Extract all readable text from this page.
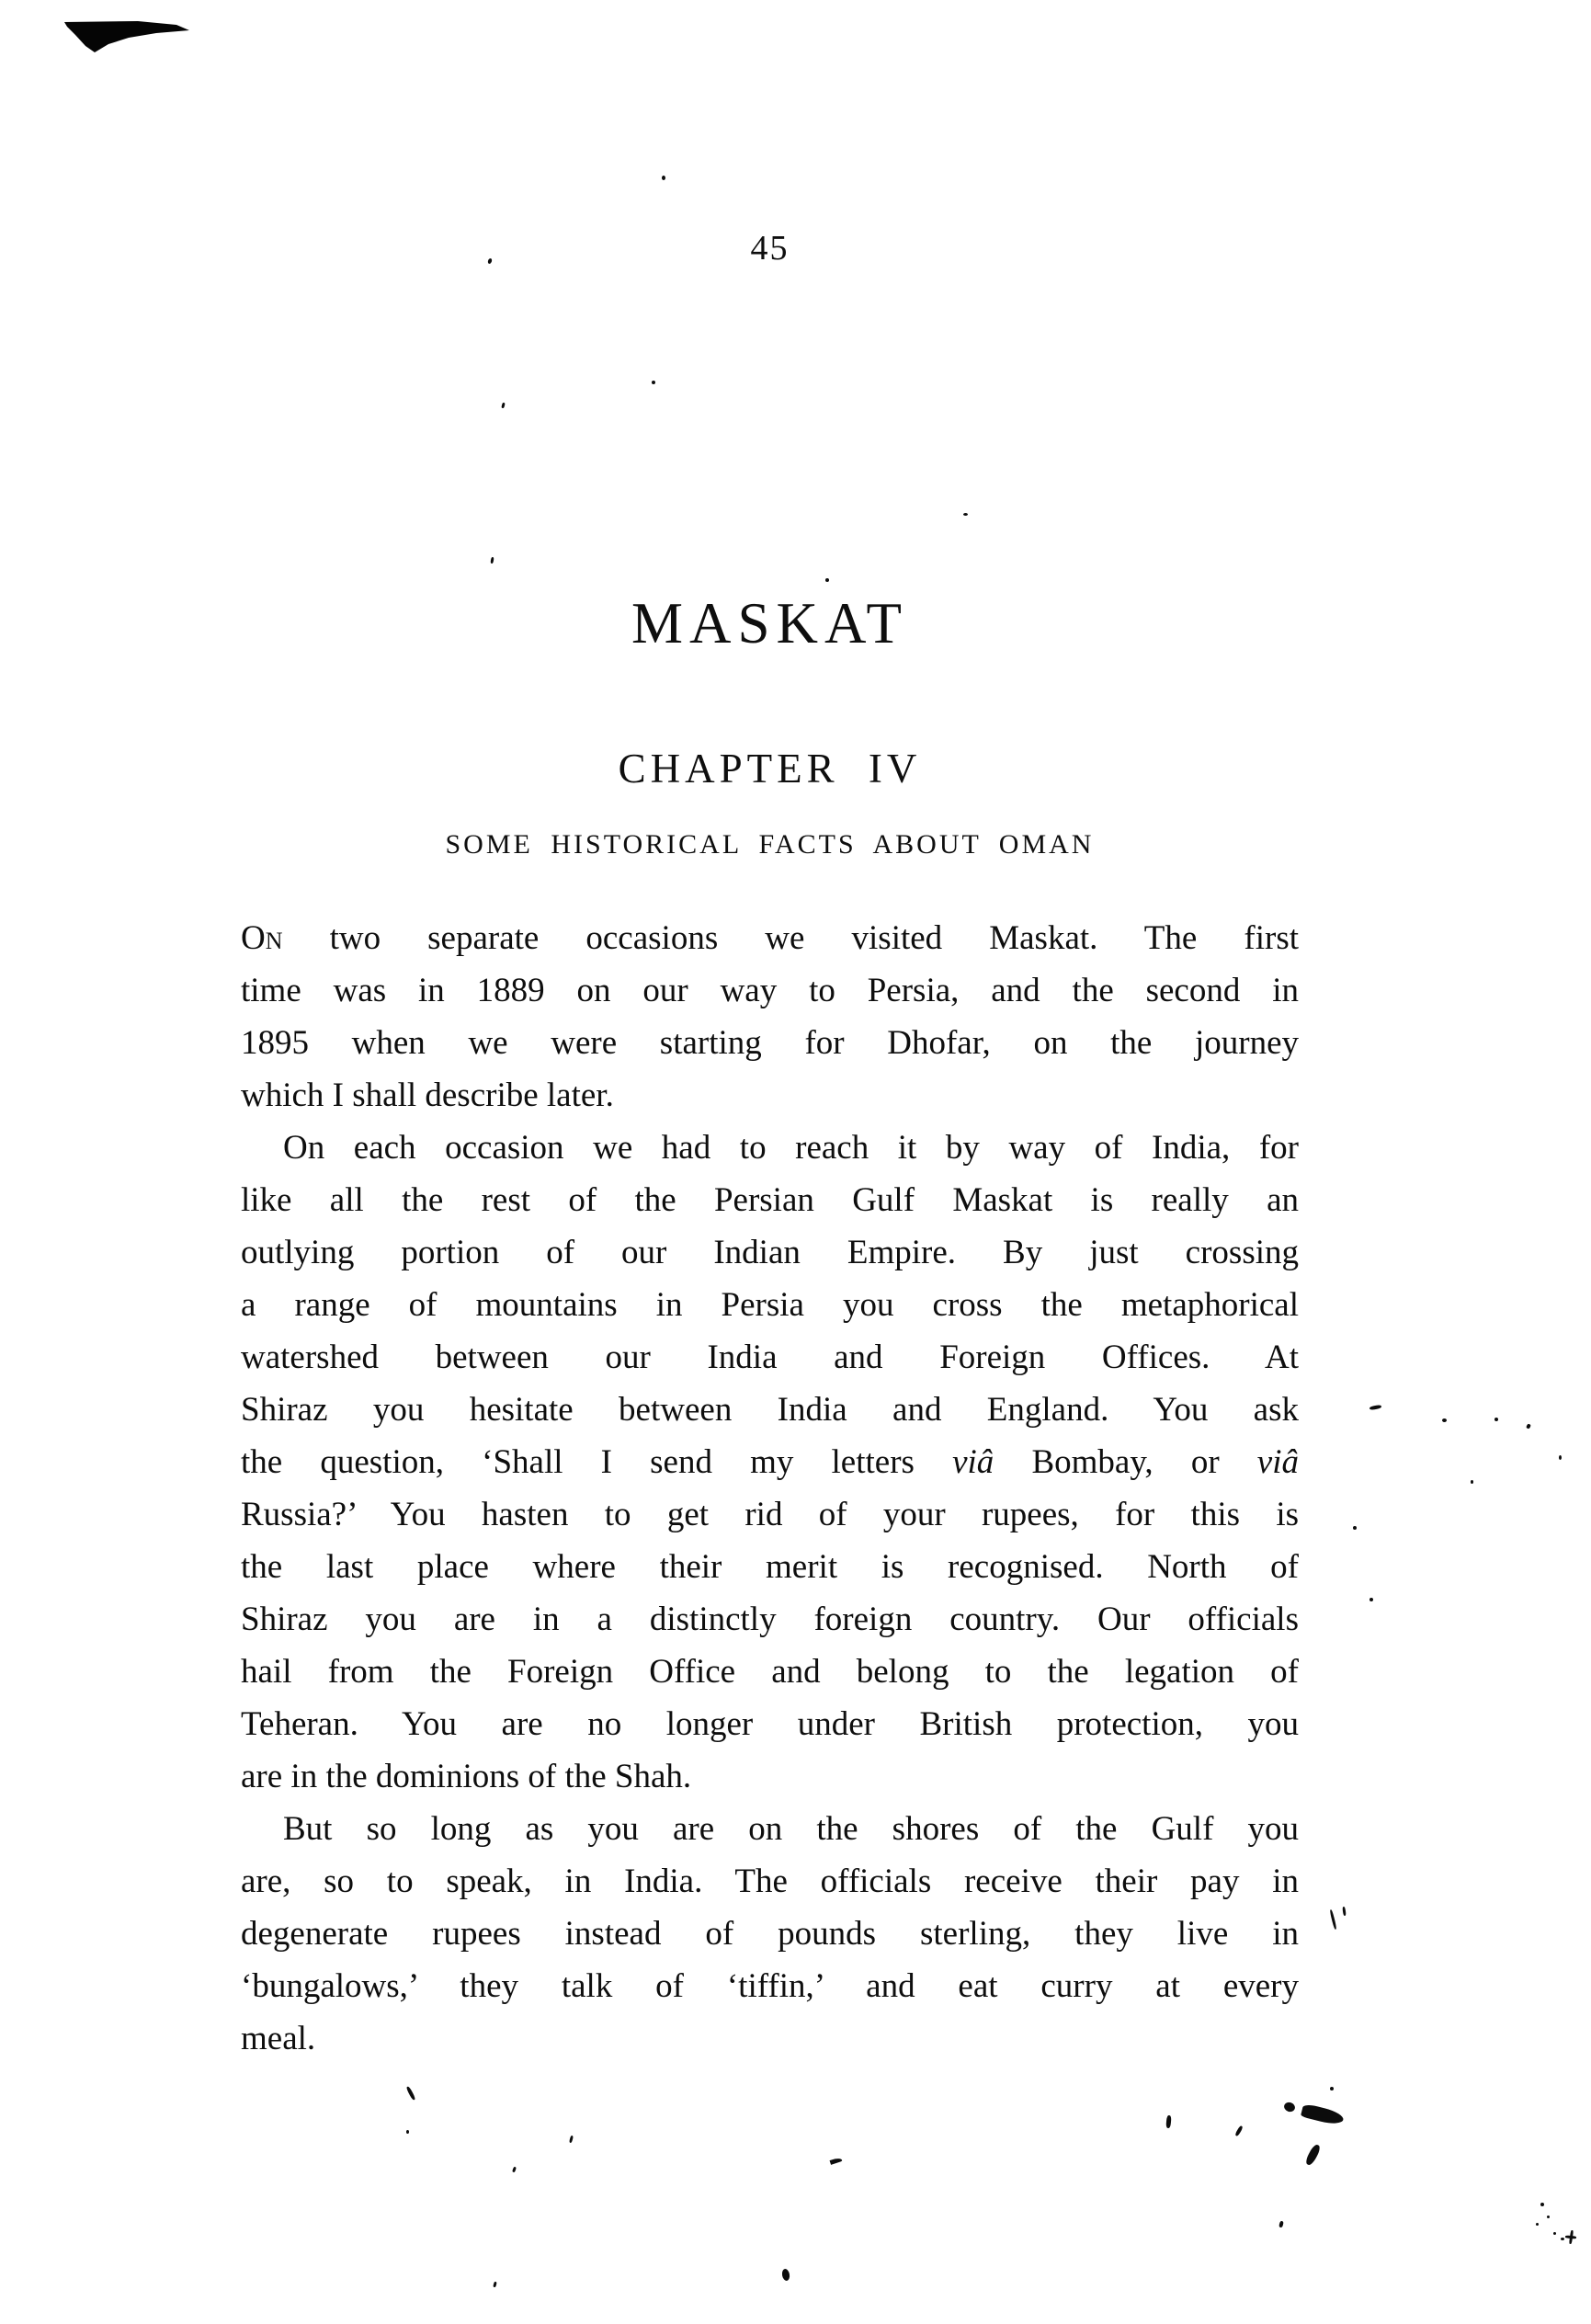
45
MASKAT
CHAPTER IV
SOME HISTORICAL FACTS ABOUT OMAN
On two separate occasions we visited Maskat. The first
time was in 1889 on our way to Persia, and the second in
1895 when we were starting for Dhofar, on the journey
which I shall describe later.
On each occasion we had to reach it by way of India, for
like all the rest of the Persian Gulf Maskat is really an
outlying portion of our Indian Empire. By just crossing
a range of mountains in Persia you cross the metaphorical
watershed between our India and Foreign Offices. At
Shiraz you hesitate between India and England. You ask
the question, ‘Shall I send my letters viâ Bombay, or viâ
Russia?’ You hasten to get rid of your rupees, for this is
the last place where their merit is recognised. North of
Shiraz you are in a distinctly foreign country. Our officials
hail from the Foreign Office and belong to the legation of
Teheran. You are no longer under British protection, you
are in the dominions of the Shah.
But so long as you are on the shores of the Gulf you
are, so to speak, in India. The officials receive their pay in
degenerate rupees instead of pounds sterling, they live in
‘bungalows,’ they talk of ‘tiffin,’ and eat curry at every
meal.
